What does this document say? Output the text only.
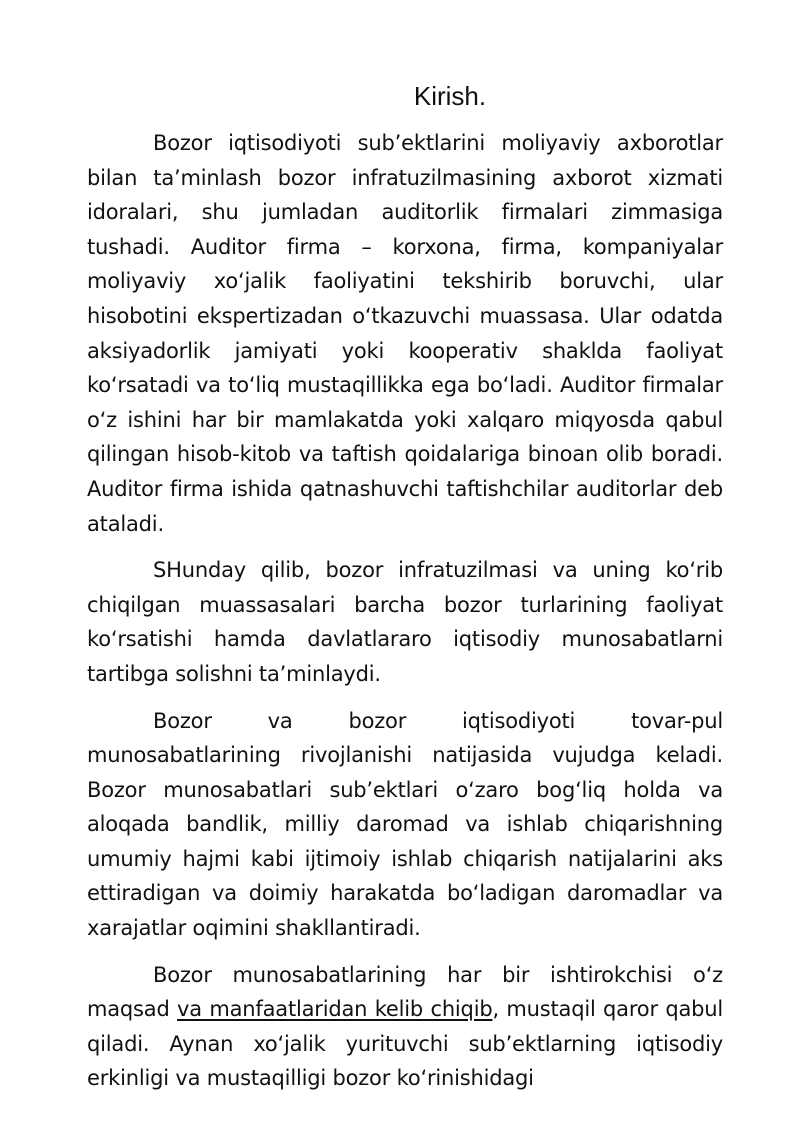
Kirish.

Bozor iqtisodiyoti sub’ektlarini moliyaviy axborotlar bilan ta’minlash bozor infratuzilmasining axborot xizmati idoralari, shu jumladan auditorlik firmalari zimmasiga tushadi. Auditor firma – korxona, firma, kompaniyalar moliyaviy xo‘jalik faoliyatini tekshirib boruvchi, ular hisobotini ekspertizadan o‘tkazuvchi muassasa. Ular odatda aksiyadorlik jamiyati yoki kooperativ shaklda faoliyat ko‘rsatadi va to‘liq mustaqillikka ega bo‘ladi. Auditor firmalar o‘z ishini har bir mamlakatda yoki xalqaro miqyosda qabul qilingan hisob-kitob va taftish qoidalariga binoan olib boradi. Auditor firma ishida qatnashuvchi taftishchilar auditorlar deb ataladi.

SHunday qilib, bozor infratuzilmasi va uning ko‘rib chiqilgan muassasalari barcha bozor turlarining faoliyat ko‘rsatishi hamda davlatlararo iqtisodiy munosabatlarni tartibga solishni ta’minlaydi.

Bozor va bozor iqtisodiyoti tovar-pul munosabatlarining rivojlanishi natijasida vujudga keladi. Bozor munosabatlari sub’ektlari o‘zaro bog‘liq holda va aloqada bandlik, milliy daromad va ishlab chiqarishning umumiy hajmi kabi ijtimoiy ishlab chiqarish natijalarini aks ettiradigan va doimiy harakatda bo‘ladigan daromadlar va xarajatlar oqimini shakllantiradi.

Bozor munosabatlarining har bir ishtirokchisi o‘z maqsad va manfaatlaridan kelib chiqib, mustaqil qaror qabul qiladi. Aynan xo‘jalik yurituvchi sub’ektlarning iqtisodiy erkinligi va mustaqilligi bozor ko‘rinishidagi
